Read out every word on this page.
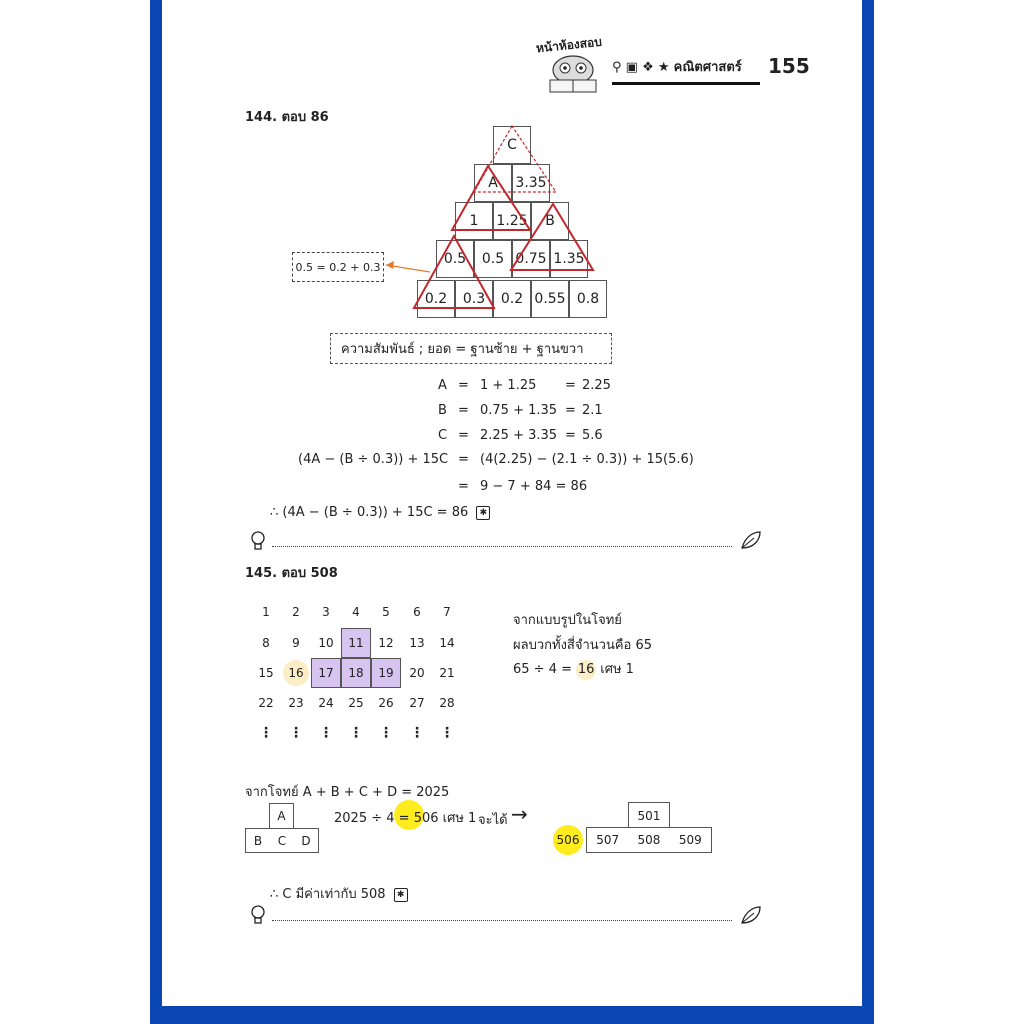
หน้าห้องสอบ
⚲ ▣ ❖ ★ คณิตศาสตร์ 155
144. ตอบ 86
C
A	3.35
1	1.25	B
0.5	0.5 0.75 1.35
0.2	0.3	0.2 0.55 0.8
0.5 = 0.2 + 0.3
ความสัมพันธ์ ; ยอด = ฐานซ้าย + ฐานขวา
A = 1 + 1.25 = 2.25
B = 0.75 + 1.35 = 2.1
C = 2.25 + 3.35 = 5.6
(4A − (B ÷ 0.3)) + 15C = (4(2.25) − (2.1 ÷ 0.3)) + 15(5.6)
= 9 − 7 + 84 = 86
∴ (4A − (B ÷ 0.3)) + 15C = 86 ✱
145. ตอบ 508
1	2	3	4	5	6	7
8	9	10	11	12	13	14
15	16	17	18	19	20	21
22	23	24	25	26	27	28
⋮	⋮	⋮	⋮	⋮	⋮	⋮
จากแบบรูปในโจทย์
ผลบวกทั้งสี่จำนวนคือ 65
65 ÷ 4 = 16 เศษ 1
จากโจทย์ A + B + C + D = 2025
A
B	C	D
2025 ÷ 4 = 506 เศษ 1 จะได้ →	501
506	507	508	509
∴ C มีค่าเท่ากับ 508 ✱
